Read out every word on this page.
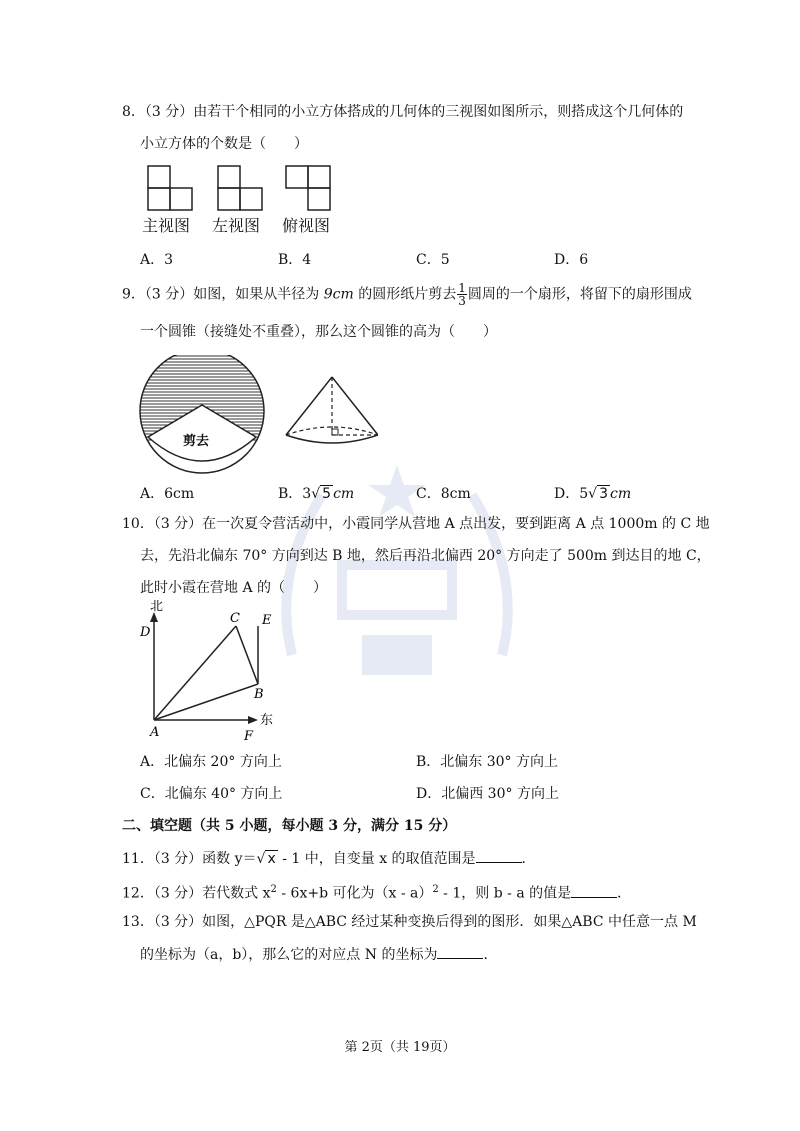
8．（3 分）由若干个相同的小立方体搭成的几何体的三视图如图所示，则搭成这个几何体的
小立方体的个数是（　　）
主视图 左视图 俯视图
A．3	B．4	C．5	D．6
9．（3 分）如图，如果从半径为 9cm 的圆形纸片剪去 $\frac{1}{3}$ 圆周的一个扇形，将留下的扇形围成
一个圆锥（接缝处不重叠），那么这个圆锥的高为（　　）
剪去
A．6cm	B．3√ 5 cm	C．8cm	D．5√ 3 cm
10．（3 分）在一次夏令营活动中，小霞同学从营地 A 点出发，要到距离 A 点 1000m 的 C 地
去，先沿北偏东 70° 方向到达 B 地，然后再沿北偏西 20° 方向走了 500m 到达目的地 C，
此时小霞在营地 A 的（　　）
北
D
C E
B
A	F
东
A．北偏东 20° 方向上	B．北偏东 30° 方向上
C．北偏东 40° 方向上	D．北偏西 30° 方向上
二、填空题（共 5 小题，每小题 3 分，满分 15 分）
11．（3 分）函数 y＝√ x - 1 中，自变量 x 的取值范围是	．
12．（3 分）若代数式 $x^2 - 6x+b$ 可化为（x - a）$^2$ - 1，则 b - a 的值是	．
13．（3 分）如图，△PQR 是△ABC 经过某种变换后得到的图形．如果△ABC 中任意一点 M
的坐标为（a，b），那么它的对应点 N 的坐标为	．
第 2页（共 19页）
